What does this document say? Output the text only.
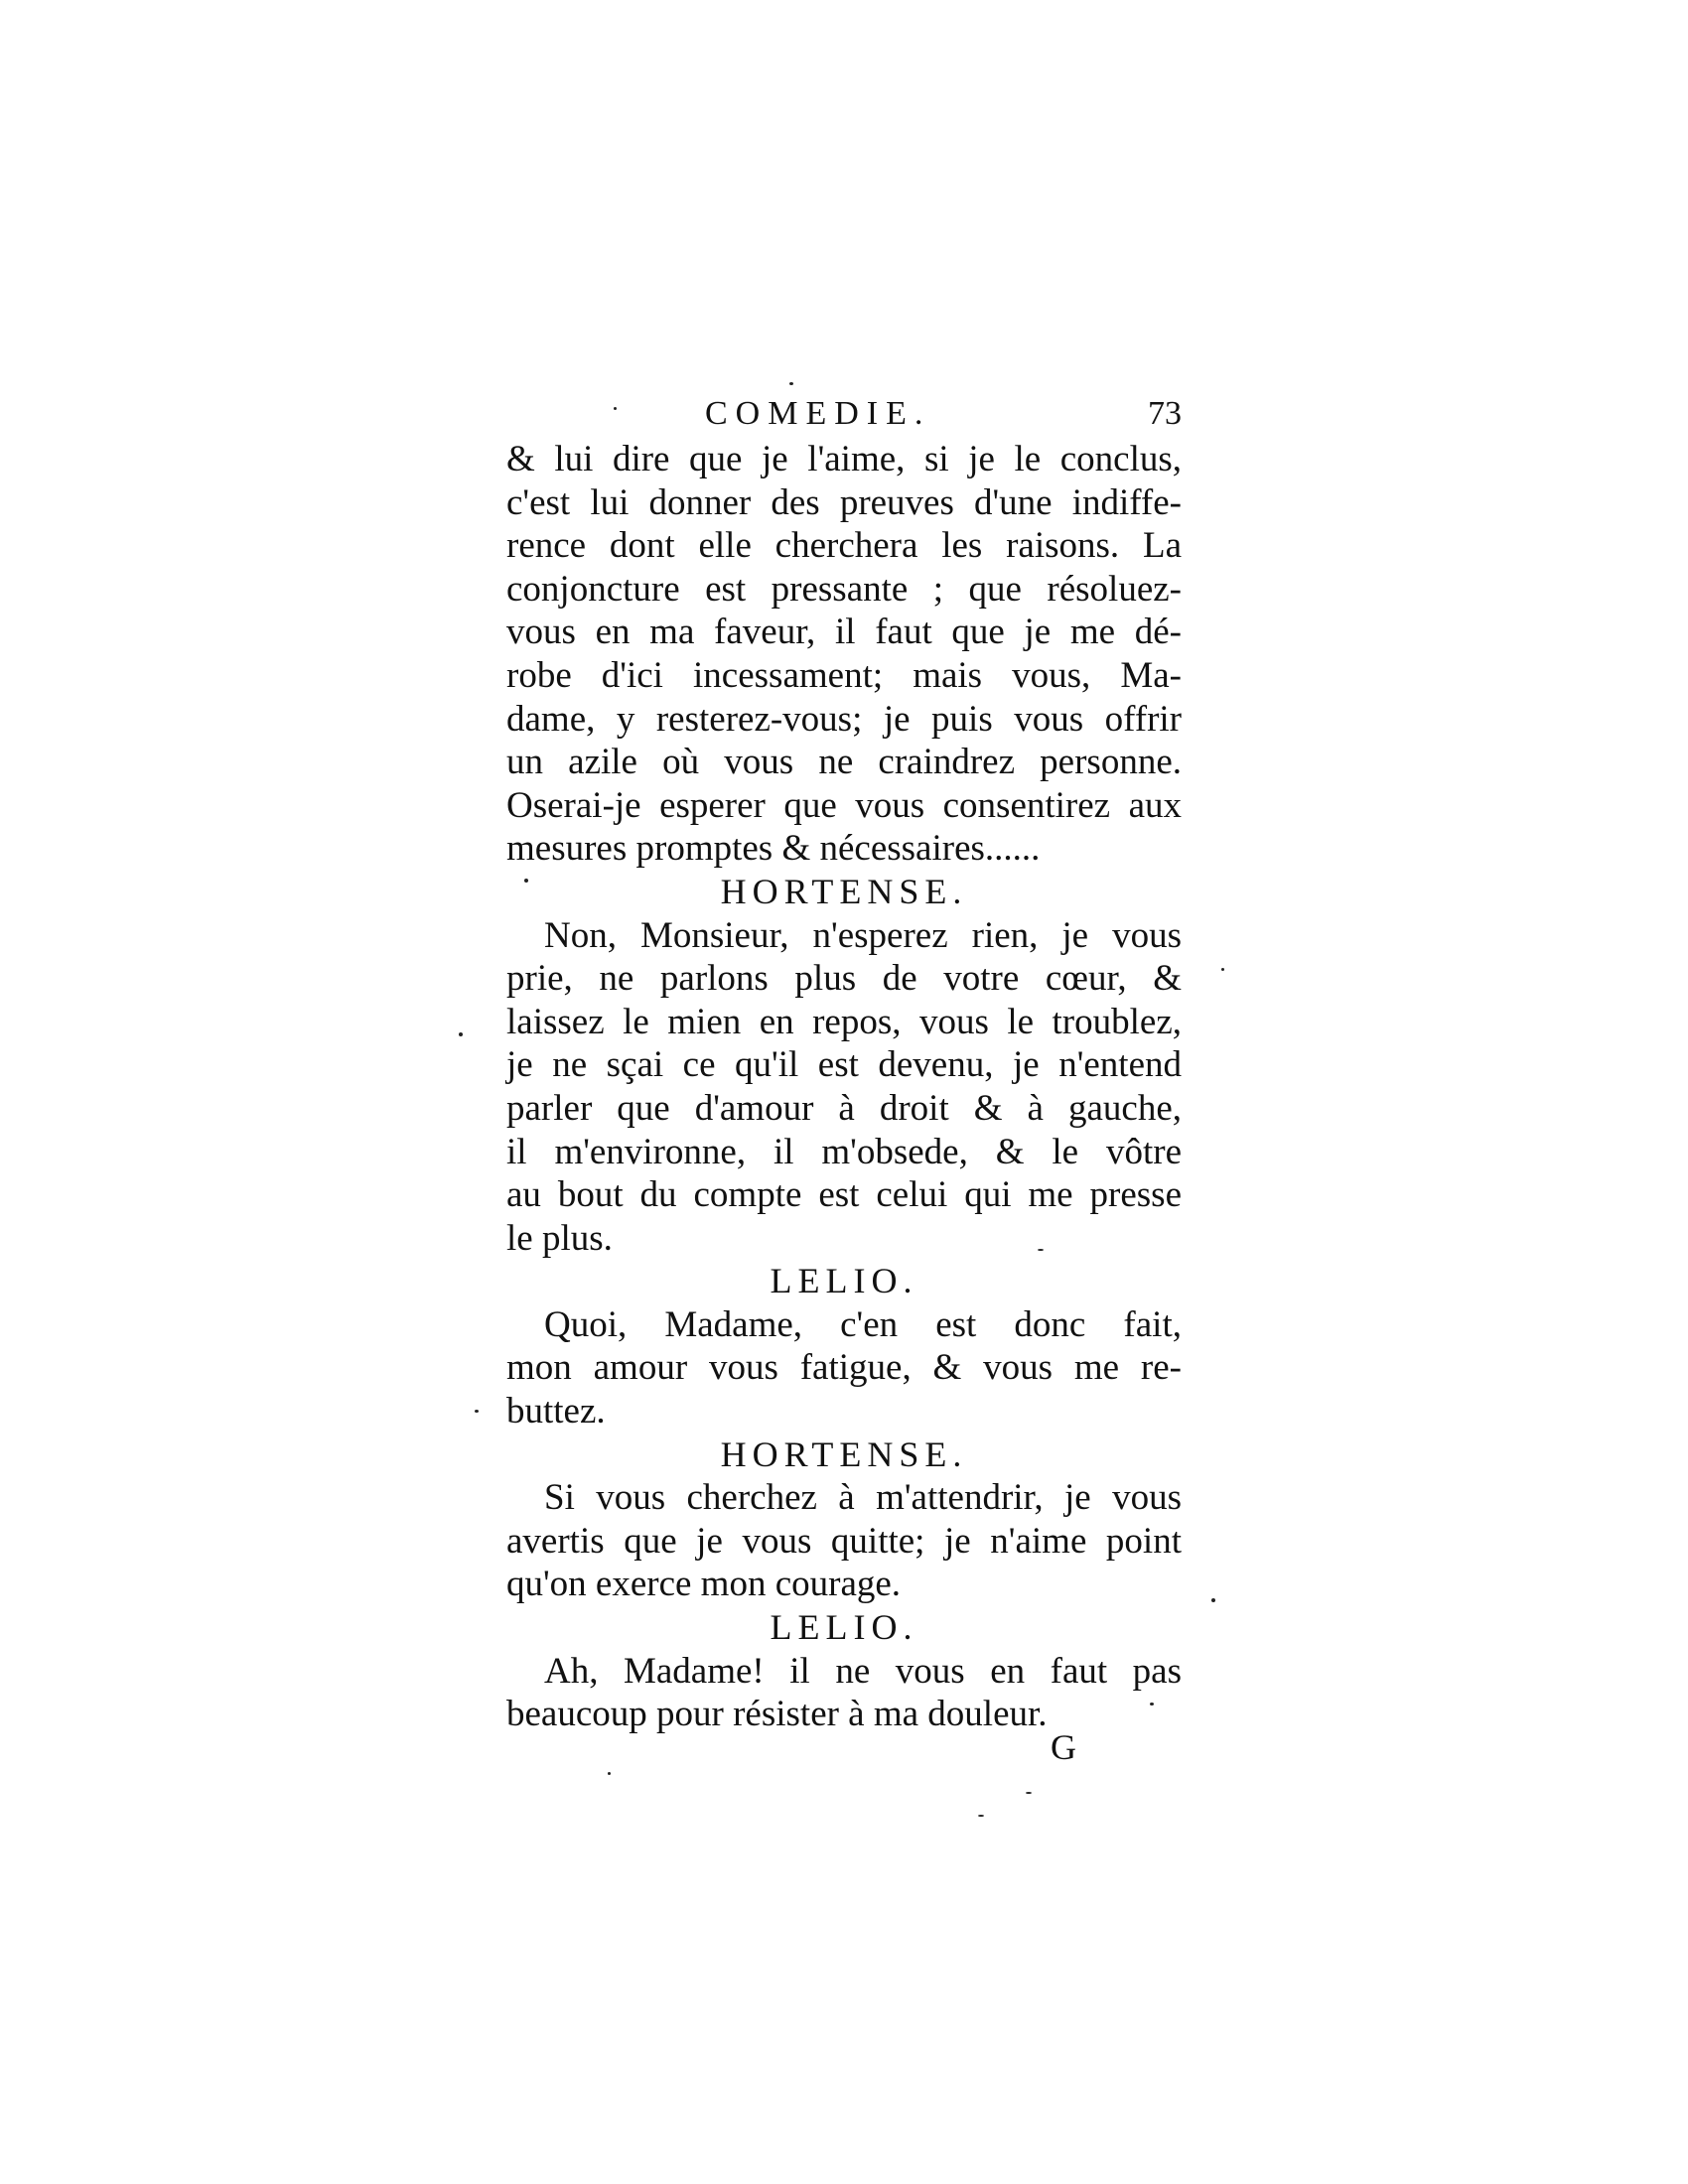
COMEDIE.	73
& lui dire que je l'aime, si je le conclus,
c'est lui donner des preuves d'une indiffe-
rence dont elle cherchera les raisons. La
conjoncture est pressante ; que résoluez-
vous en ma faveur, il faut que je me dé-
robe d'ici incessament; mais vous, Ma-
dame, y resterez-vous; je puis vous offrir
un azile où vous ne craindrez personne.
Oserai-je esperer que vous consentirez aux
mesures promptes & nécessaires......
HORTENSE.
Non, Monsieur, n'esperez rien, je vous
prie, ne parlons plus de votre cœur, &
laissez le mien en repos, vous le troublez,
je ne sçai ce qu'il est devenu, je n'entend
parler que d'amour à droit & à gauche,
il m'environne, il m'obsede, & le vôtre
au bout du compte est celui qui me presse
le plus.
LELIO.
Quoi, Madame, c'en est donc fait,
mon amour vous fatigue, & vous me re-
buttez.
HORTENSE.
Si vous cherchez à m'attendrir, je vous
avertis que je vous quitte; je n'aime point
qu'on exerce mon courage.
LELIO.
Ah, Madame! il ne vous en faut pas
beaucoup pour résister à ma douleur.
G
